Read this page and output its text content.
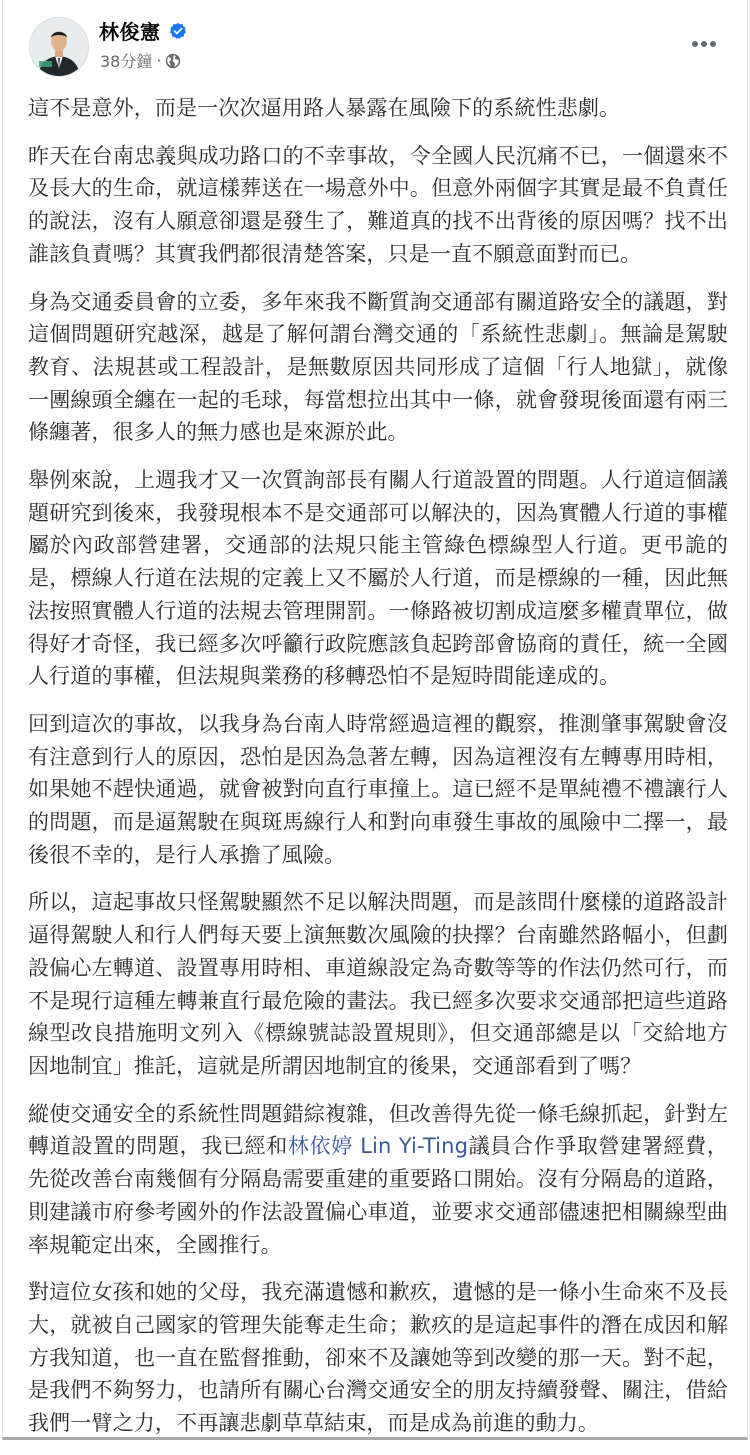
林俊憲
38分鐘 ·

這不是意外，而是一次次逼用路人暴露在風險下的系統性悲劇。

昨天在台南忠義與成功路口的不幸事故，令全國人民沉痛不已，一個還來不及長大的生命，就這樣葬送在一場意外中。但意外兩個字其實是最不負責任的說法，沒有人願意卻還是發生了，難道真的找不出背後的原因嗎？找不出誰該負責嗎？其實我們都很清楚答案，只是一直不願意面對而已。

身為交通委員會的立委，多年來我不斷質詢交通部有關道路安全的議題，對這個問題研究越深，越是了解何謂台灣交通的「系統性悲劇」。無論是駕駛教育、法規甚或工程設計，是無數原因共同形成了這個「行人地獄」，就像一團線頭全纏在一起的毛球，每當想拉出其中一條，就會發現後面還有兩三條纏著，很多人的無力感也是來源於此。

舉例來說，上週我才又一次質詢部長有關人行道設置的問題。人行道這個議題研究到後來，我發現根本不是交通部可以解決的，因為實體人行道的事權屬於內政部營建署，交通部的法規只能主管綠色標線型人行道。更弔詭的是，標線人行道在法規的定義上又不屬於人行道，而是標線的一種，因此無法按照實體人行道的法規去管理開罰。一條路被切割成這麼多權責單位，做得好才奇怪，我已經多次呼籲行政院應該負起跨部會協商的責任，統一全國人行道的事權，但法規與業務的移轉恐怕不是短時間能達成的。

回到這次的事故，以我身為台南人時常經過這裡的觀察，推測肇事駕駛會沒有注意到行人的原因，恐怕是因為急著左轉，因為這裡沒有左轉專用時相，如果她不趕快通過，就會被對向直行車撞上。這已經不是單純禮不禮讓行人的問題，而是逼駕駛在與斑馬線行人和對向車發生事故的風險中二擇一，最後很不幸的，是行人承擔了風險。

所以，這起事故只怪駕駛顯然不足以解決問題，而是該問什麼樣的道路設計逼得駕駛人和行人們每天要上演無數次風險的抉擇？台南雖然路幅小，但劃設偏心左轉道、設置專用時相、車道線設定為奇數等等的作法仍然可行，而不是現行這種左轉兼直行最危險的畫法。我已經多次要求交通部把這些道路線型改良措施明文列入《標線號誌設置規則》，但交通部總是以「交給地方因地制宜」推託，這就是所謂因地制宜的後果，交通部看到了嗎？

縱使交通安全的系統性問題錯綜複雜，但改善得先從一條毛線抓起，針對左轉道設置的問題，我已經和林依婷 Lin Yi-Ting議員合作爭取營建署經費，先從改善台南幾個有分隔島需要重建的重要路口開始。沒有分隔島的道路，則建議市府參考國外的作法設置偏心車道，並要求交通部儘速把相關線型曲率規範定出來，全國推行。

對這位女孩和她的父母，我充滿遺憾和歉疚，遺憾的是一條小生命來不及長大，就被自己國家的管理失能奪走生命；歉疚的是這起事件的潛在成因和解方我知道，也一直在監督推動，卻來不及讓她等到改變的那一天。對不起，是我們不夠努力，也請所有關心台灣交通安全的朋友持續發聲、關注，借給我們一臂之力，不再讓悲劇草草結束，而是成為前進的動力。
